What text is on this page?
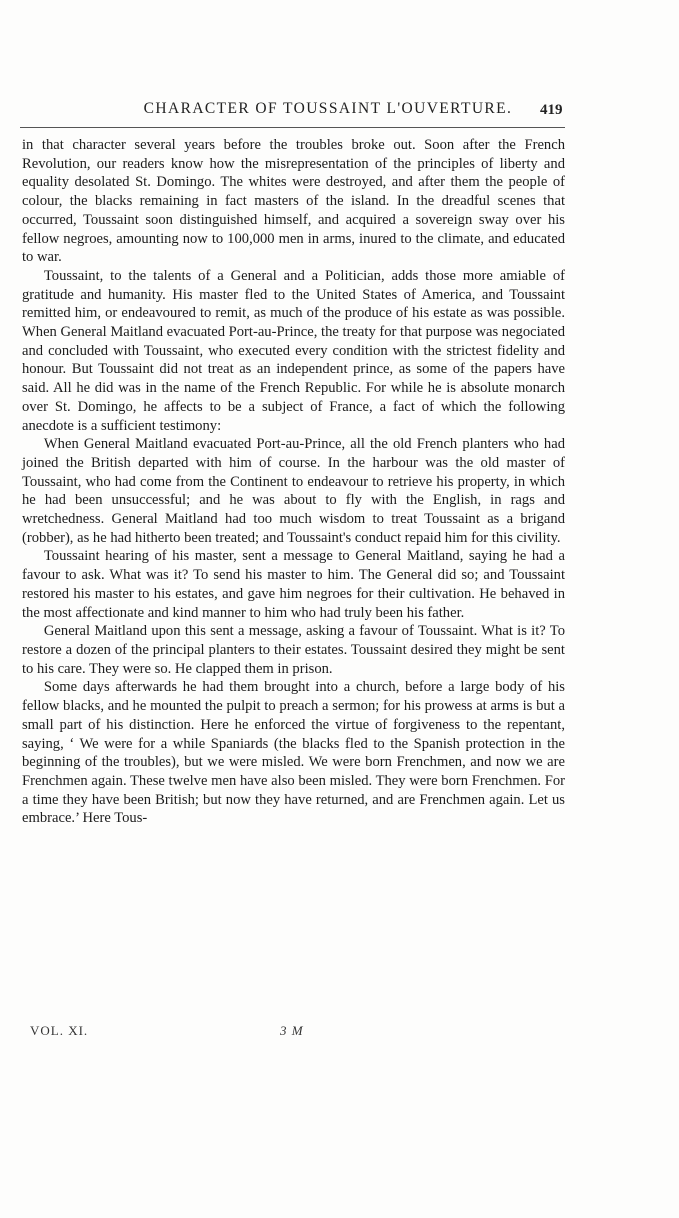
CHARACTER OF TOUSSAINT L'OUVERTURE.	419

in that character several years before the troubles broke out. Soon after the French Revolution, our readers know how the misrepresentation of the principles of liberty and equality desolated St. Domingo. The whites were destroyed, and after them the people of colour, the blacks remaining in fact masters of the island. In the dreadful scenes that occurred, Toussaint soon distinguished himself, and acquired a sovereign sway over his fellow negroes, amounting now to 100,000 men in arms, inured to the climate, and educated to war.

Toussaint, to the talents of a General and a Politician, adds those more amiable of gratitude and humanity. His master fled to the United States of America, and Toussaint remitted him, or endeavoured to remit, as much of the produce of his estate as was possible. When General Maitland evacuated Port-au-Prince, the treaty for that purpose was negociated and concluded with Toussaint, who executed every condition with the strictest fidelity and honour. But Toussaint did not treat as an independent prince, as some of the papers have said. All he did was in the name of the French Republic. For while he is absolute monarch over St. Domingo, he affects to be a subject of France, a fact of which the following anecdote is a sufficient testimony:

When General Maitland evacuated Port-au-Prince, all the old French planters who had joined the British departed with him of course. In the harbour was the old master of Toussaint, who had come from the Continent to endeavour to retrieve his property, in which he had been unsuccessful; and he was about to fly with the English, in rags and wretchedness. General Maitland had too much wisdom to treat Toussaint as a brigand (robber), as he had hitherto been treated; and Toussaint's conduct repaid him for this civility.

Toussaint hearing of his master, sent a message to General Maitland, saying he had a favour to ask. What was it? To send his master to him. The General did so; and Toussaint restored his master to his estates, and gave him negroes for their cultivation. He behaved in the most affectionate and kind manner to him who had truly been his father.

General Maitland upon this sent a message, asking a favour of Toussaint. What is it? To restore a dozen of the principal planters to their estates. Toussaint desired they might be sent to his care. They were so. He clapped them in prison.

Some days afterwards he had them brought into a church, before a large body of his fellow blacks, and he mounted the pulpit to preach a sermon; for his prowess at arms is but a small part of his distinction. Here he enforced the virtue of forgiveness to the repentant, saying, ‘ We were for a while Spaniards (the blacks fled to the Spanish protection in the beginning of the troubles), but we were misled. We were born Frenchmen, and now we are Frenchmen again. These twelve men have also been misled. They were born Frenchmen. For a time they have been British; but now they have returned, and are Frenchmen again. Let us embrace.’ Here Tous-

VOL. XI.	3 M
